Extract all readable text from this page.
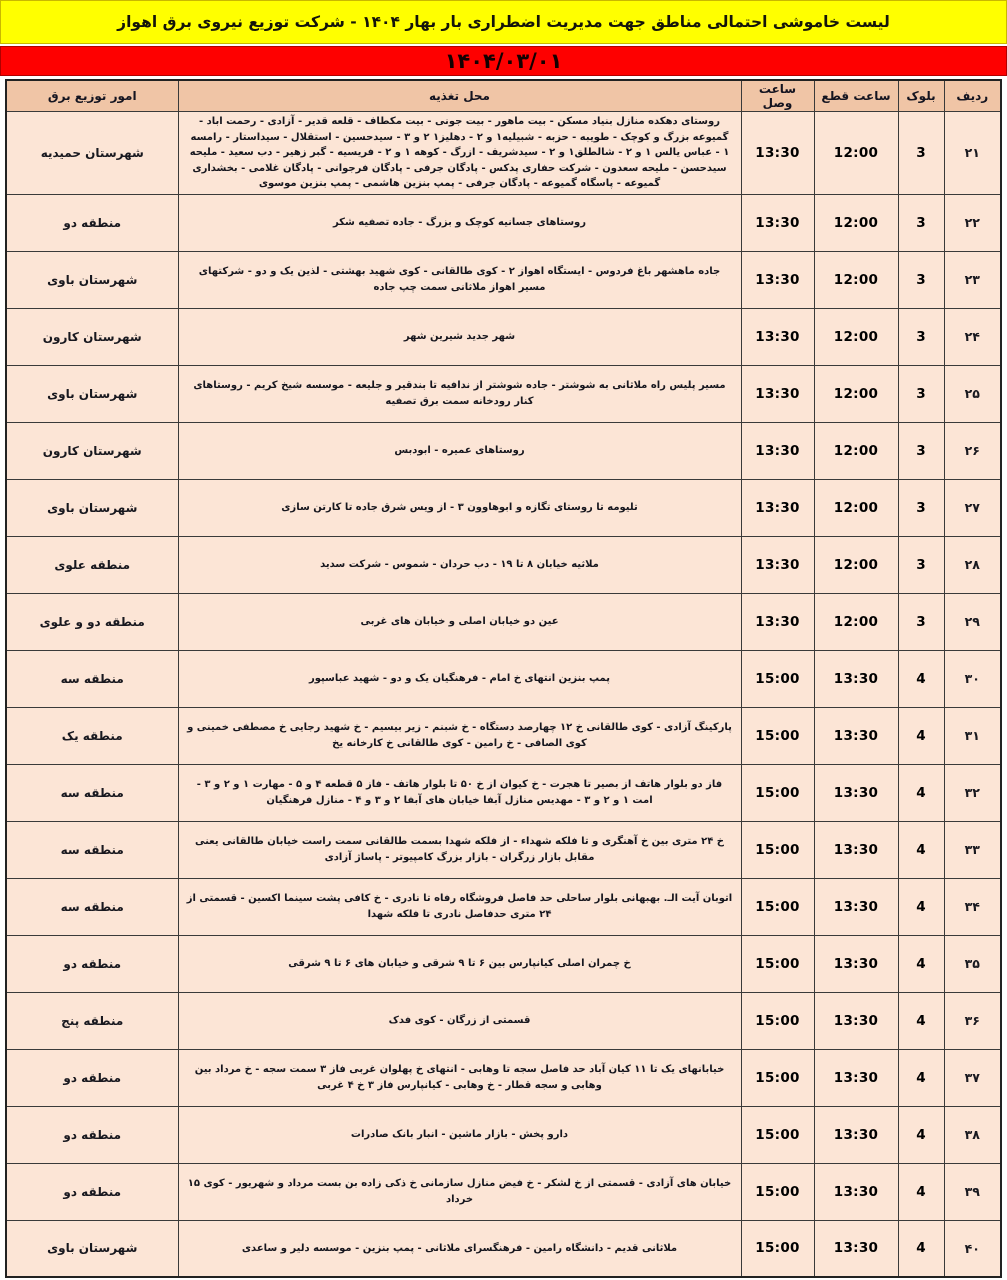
لیست خاموشی احتمالی مناطق جهت مدیریت اضطراری بار بهار ۱۴۰۴ - شرکت توزیع نیروی برق اهواز
۱۴۰۴/۰۳/۰۱
ردیف	بلوک	ساعت قطع	ساعت وصل	محل تغذیه	امور توزیع برق
۲۱	3	12:00	13:30	روستای دهکده منازل بنیاد مسکن - بیت ماهور - بیت جونی - بیت مکطاف - قلعه قدیر - آزادی - رحمت اباد - گمیوعه بزرگ و کوچک - طویبه - حزبه - شبیلیه۱ و ۲ - دهلیز۱ ۲ و ۳ - سیدحسین - استقلال - سیداستار - رامسه ۱ - عباس یالس ۱ و ۲ - شالطلق۱ و ۲ - سیدشریف - ازرگ - کوهه ۱ و ۲ - فریسیه - گبر زهیر - دب سعید - ملیحه سیدحسن - ملیحه سعدون - شرکت حفاری پدکس - پادگان جرفی - پادگان فرجوانی - پادگان غلامی - بخشداری گمیوعه - پاسگاه گمیوعه - پادگان جرفی - پمپ بنزین هاشمی - پمپ بنزین موسوی	شهرستان حمیدیه
۲۲	3	12:00	13:30	روستاهای جسانیه کوچک و بزرگ - جاده تصفیه شکر	منطقه دو
۲۳	3	12:00	13:30	جاده ماهشهر باغ فردوس - ایستگاه اهواز ۲ - کوی طالقانی - کوی شهید بهشتی - لذین یک و دو - شرکتهای مسیر اهواز ملاثانی سمت چپ جاده	شهرستان باوی
۲۴	3	12:00	13:30	شهر جدید شیرین شهر	شهرستان کارون
۲۵	3	12:00	13:30	مسیر پلیس راه ملاثانی به شوشتر - جاده شوشتر از ندافیه تا بندقیر و جلیعه - موسسه شیخ کریم - روستاهای کنار رودخانه سمت برق تصفیه	شهرستان باوی
۲۶	3	12:00	13:30	روستاهای عمیره - ابودبس	شهرستان کارون
۲۷	3	12:00	13:30	تلیومه تا روستای تگازه و ابوهاوون ۳ - از ویس شرق جاده تا کارتن سازی	شهرستان باوی
۲۸	3	12:00	13:30	ملاثیه خیابان ۸ تا ۱۹ - دب حردان - شموس - شرکت سدید	منطقه علوی
۲۹	3	12:00	13:30	عین دو خیابان اصلی و خیابان های غربی	منطقه دو و علوی
۳۰	4	13:30	15:00	پمپ بنزین انتهای خ امام - فرهنگیان یک و دو - شهید عباسپور	منطقه سه
۳۱	4	13:30	15:00	پارکینگ آزادی - کوی طالقانی خ ۱۲ چهارصد دستگاه - خ شبنم - زیر بیسیم - خ شهید رجایی خ مصطفی خمینی و کوی الصافی - خ رامین - کوی طالقانی خ کارخانه یخ	منطقه یک
۳۲	4	13:30	15:00	فاز دو بلوار هاتف از بصیر تا هجرت - خ کیوان از خ ۵۰ تا بلوار هاتف - فاز ۵ قطعه ۴ و ۵ - مهارت ۱ و ۲ و ۳ - امت ۱ و ۲ و ۳ - مهدیس منازل آبفا خیابان های آبفا ۲ و ۳ و ۴ - منازل فرهنگیان	منطقه سه
۳۳	4	13:30	15:00	خ ۲۴ متری بین خ آهنگری و تا فلکه شهداء - از فلکه شهدا بسمت طالقانی سمت راست خیابان طالقانی یعنی مقابل بازار زرگران - بازار بزرگ کامپیوتر - پاساژ آزادی	منطقه سه
۳۴	4	13:30	15:00	اتوبان آیت الـ. بهبهانی بلوار ساحلی حد فاصل فروشگاه رفاه تا نادری - خ کافی پشت سینما اکسین - قسمتی از ۲۴ متری حدفاصل نادری تا فلکه شهدا	منطقه سه
۳۵	4	13:30	15:00	خ چمران اصلی کیانپارس بین ۶ تا ۹ شرقی و خیابان های ۶ تا ۹ شرقی	منطقه دو
۳۶	4	13:30	15:00	قسمتی از زرگان - کوی فدک	منطقه پنج
۳۷	4	13:30	15:00	خیابانهای یک تا ۱۱ کیان آباد حد فاصل سجه تا وهابی - انتهای خ پهلوان غربی فاز ۳ سمت سجه - خ مرداد بین وهابی و سجه قطار - خ وهابی - کیانپارس فاز ۳ خ ۴ غربی	منطقه دو
۳۸	4	13:30	15:00	دارو پخش - بازار ماشین - انبار بانک صادرات	منطقه دو
۳۹	4	13:30	15:00	خیابان های آزادی - قسمتی از خ لشکر - خ فیض منازل سازمانی خ ذکی زاده بن بست مرداد و شهریور - کوی ۱۵ خرداد	منطقه دو
۴۰	4	13:30	15:00	ملاثانی قدیم - دانشگاه رامین - فرهنگسرای ملاثانی - پمپ بنزین - موسسه دلیر و ساعدی	شهرستان باوی
